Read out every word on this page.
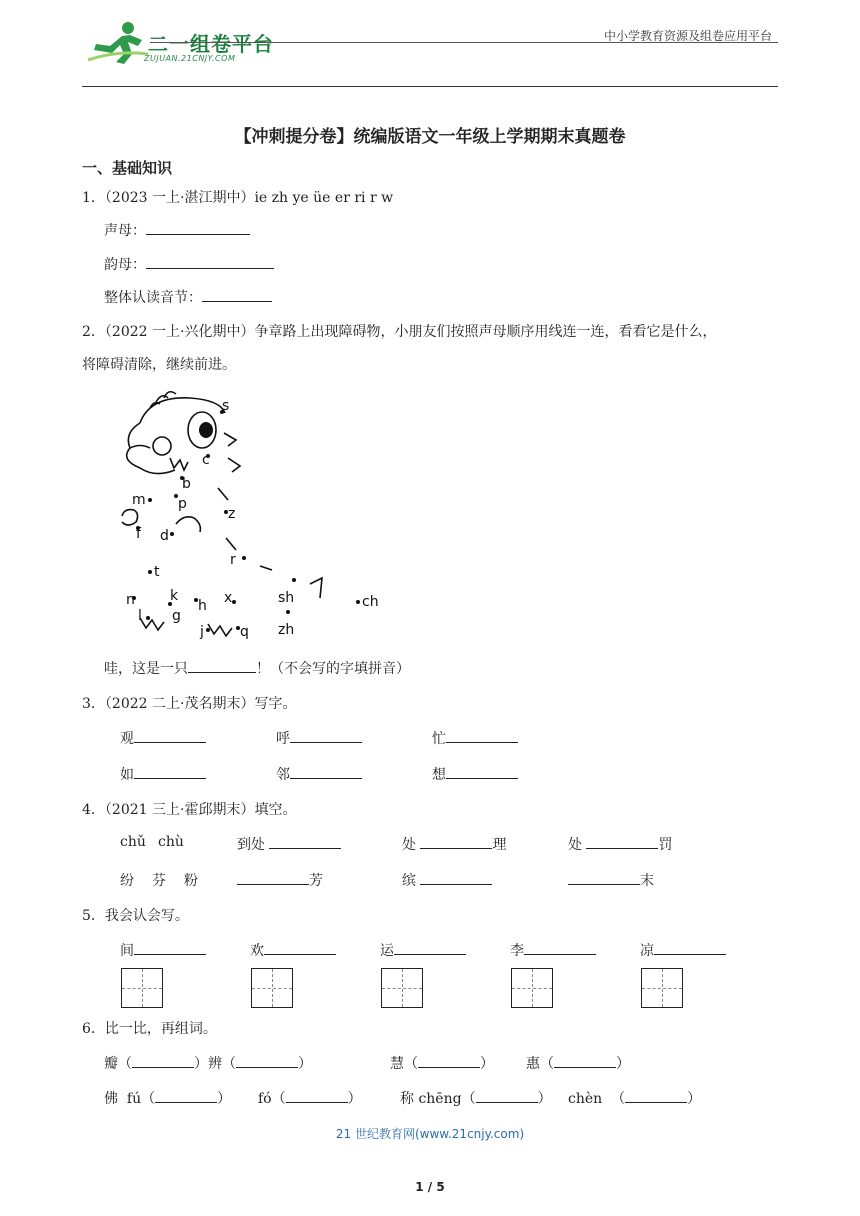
二一组卷平台
ZUJUAN.21CNJY.COM
中小学教育资源及组卷应用平台
【冲刺提分卷】统编版语文一年级上学期期末真题卷
一、基础知识
1．（2023 一上·湛江期中）ie zh ye üe er ri r w
声母：
韵母：
整体认读音节：
2．（2022 一上·兴化期中）争章路上出现障碍物，小朋友们按照声母顺序用线连一连，看看它是什么，
将障碍清除，继续前进。
s
c
b
m p
z
f d
r
t
n	k
h x	sh	ch
l g
j	q zh
哇，这是一只	！（不会写的字填拼音）
3．（2022 二上·茂名期末）写字。
观	呼	忙
如	邻	想
4．（2021 三上·霍邱期末）填空。
chǔ chù	到处	处	理	处	罚
纷 芬 粉	芳	缤	末
5．我会认会写。
间	欢	运	李	凉
6．比一比，再组词。
瓣（	）辨（	）	慧（	） 惠（	）
佛 fú（	） fó（	）	称 chēng（	） chèn （	）
21 世纪教育网(www.21cnjy.com)
1 / 5
